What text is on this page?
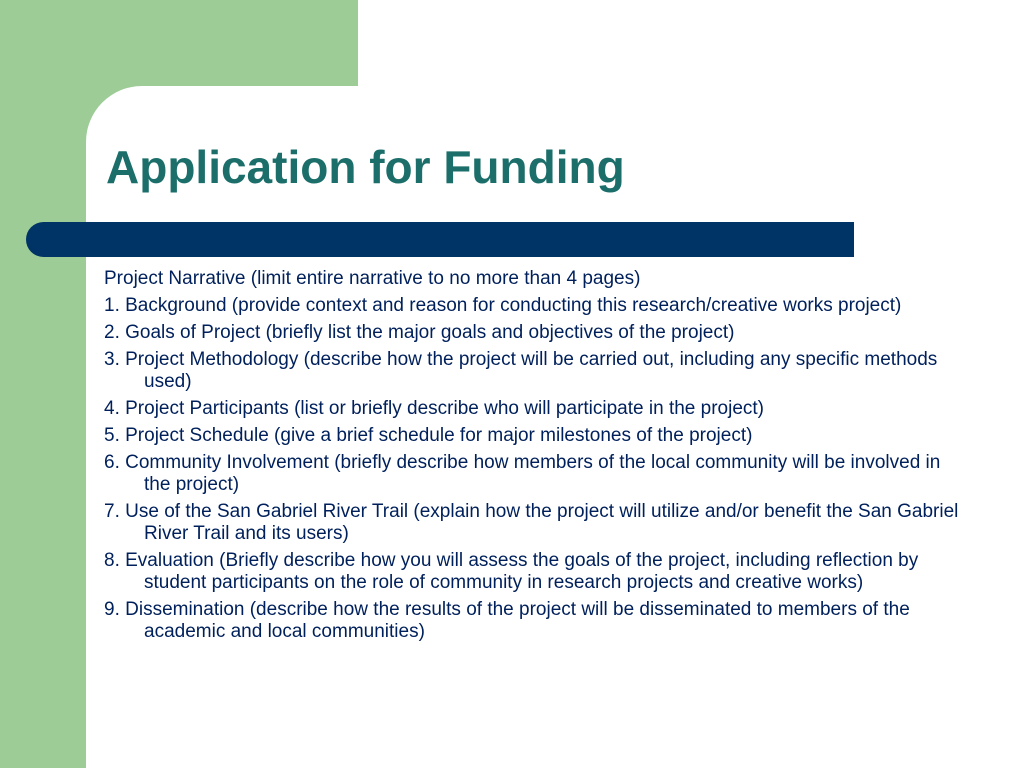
Application for Funding

Project Narrative (limit entire narrative to no more than 4 pages)

1. Background (provide context and reason for conducting this research/creative works project)

2. Goals of Project (briefly list the major goals and objectives of the project)

3. Project Methodology (describe how the project will be carried out, including any specific methods used)

4. Project Participants (list or briefly describe who will participate in the project)

5. Project Schedule (give a brief schedule for major milestones of the project)

6. Community Involvement (briefly describe how members of the local community will be involved in the project)

7. Use of the San Gabriel River Trail (explain how the project will utilize and/or benefit the San Gabriel River Trail and its users)

8. Evaluation (Briefly describe how you will assess the goals of the project, including reflection by student participants on the role of community in research projects and creative works)

9. Dissemination (describe how the results of the project will be disseminated to members of the academic and local communities)
